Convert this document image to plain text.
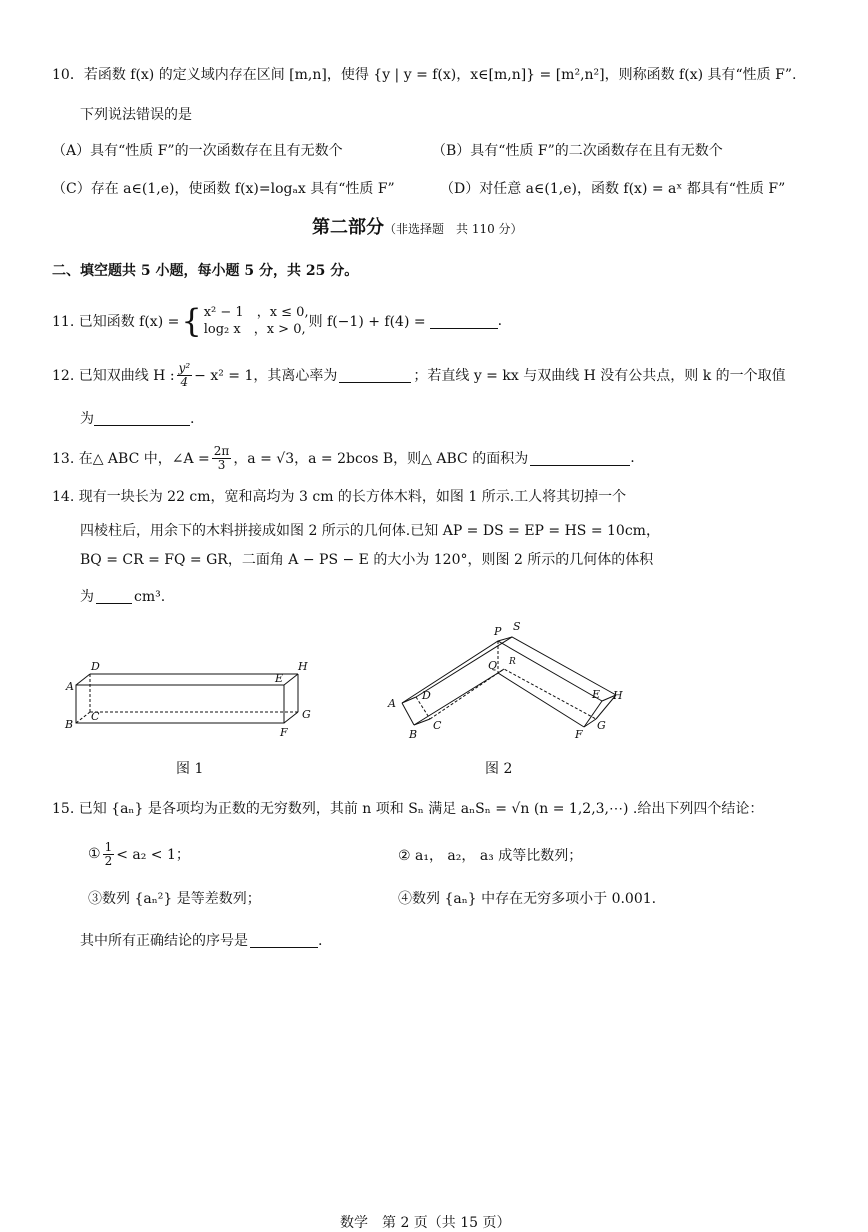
10．若函数 f(x) 的定义域内存在区间 [m,n]，使得 {y | y = f(x)，x∈[m,n]} = [m²,n²]，则称函数 f(x) 具有“性质 F”.
下列说法错误的是
（A）具有“性质 F”的一次函数存在且有无数个	（B）具有“性质 F”的二次函数存在且有无数个
（C）存在 a∈(1,e)，使函数 f(x)=logₐx 具有“性质 F”	（D）对任意 a∈(1,e)，函数 f(x) = aˣ 都具有“性质 F”
第二部分（非选择题　共 110 分）
二、填空题共 5 小题，每小题 5 分，共 25 分。
11. 已知函数 f(x) = { x² − 1　，x ≤ 0,
log₂ x　，x > 0, 则 f(−1) + f(4) =	.
12. 已知双曲线 H : $\frac{\text{y²}}{4} - x^2 = 1$，其离心率为	；若直线 y = kx 与双曲线 H 没有公共点，则 k 的一个取值
为	.
13. 在△ ABC 中，∠A = $\frac{2\pi}{3}$ ，a = √3，a = 2bcos B，则△ ABC 的面积为	.
14. 现有一块长为 22 cm，宽和高均为 3 cm 的长方体木料，如图 1 所示.工人将其切掉一个
四棱柱后，用余下的木料拼接成如图 2 所示的几何体.已知 AP = DS = EP = HS = 10cm，
BQ = CR = FQ = GR，二面角 A − PS − E 的大小为 120°，则图 2 所示的几何体的体积
为	cm³.
D	H
A
E
B
C	G
F
图 1
P S
Q R
A
D	E H
B
C
F
G
图 2
15. 已知 {aₙ} 是各项均为正数的无穷数列，其前 n 项和 Sₙ 满足 aₙSₙ = √n (n = 1,2,3,⋯) .给出下列四个结论：
① $\frac{1}{2} < a_2 < 1$；	② a₁， a₂， a₃ 成等比数列；
③数列 {aₙ²} 是等差数列；	④数列 {aₙ} 中存在无穷多项小于 0.001.
其中所有正确结论的序号是	.
数学　第 2 页（共 15 页）
